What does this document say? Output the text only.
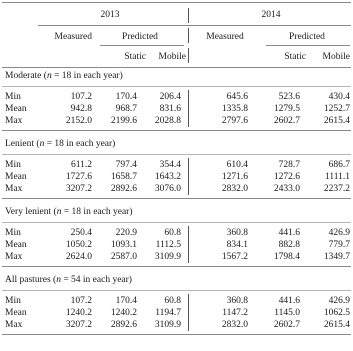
2013	2014
Measured	Predicted	Measured	Predicted
Static	Mobile	Static	Mobile
Moderate (n = 18 in each year)
Min	107.2	170.4	206.4	645.6	523.6	430.4
Mean	942.8	968.7	831.6	1335.8	1279.5	1252.7
Max	2152.0	2199.6	2028.8	2797.6	2602.7	2615.4
Lenient (n = 18 in each year)
Min	611.2	797.4	354.4	610.4	728.7	686.7
Mean	1727.6	1658.7	1643.2	1271.6	1272.6	1111.1
Max	3207.2	2892.6	3076.0	2832.0	2433.0	2237.2
Very lenient (n = 18 in each year)
Min	250.4	220.9	60.8	360.8	441.6	426.9
Mean	1050.2	1093.1	1112.5	834.1	882.8	779.7
Max	2624.0	2587.0	3109.9	1567.2	1798.4	1349.7
All pastures (n = 54 in each year)
Min	107.2	170.4	60.8	360.8	441.6	426.9
Mean	1240.2	1240.2	1194.7	1147.2	1145.0	1062.5
Max	3207.2	2892.6	3109.9	2832.0	2602.7	2615.4
